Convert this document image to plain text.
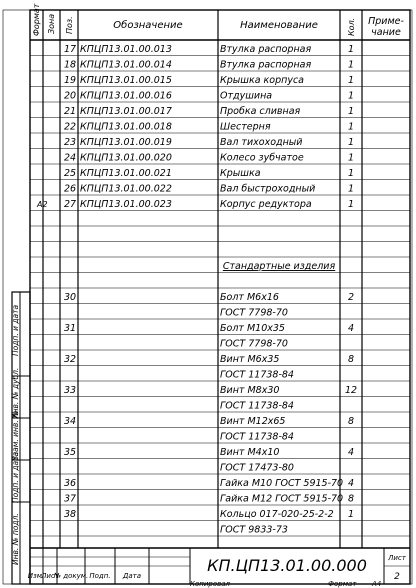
Формат Зона Поз.	Обозначение	Наименование	Кол. Приме-
чание
17 КПЦП13.01.00.013	Втулка распорная	1
18 КПЦП13.01.00.014	Втулка распорная	1
19 КПЦП13.01.00.015	Крышка корпуса	1
20 КПЦП13.01.00.016	Отдушина	1
21 КПЦП13.01.00.017	Пробка сливная	1
22 КПЦП13.01.00.018	Шестерня	1
23 КПЦП13.01.00.019	Вал тихоходный	1
24 КПЦП13.01.00.020	Колесо зубчатое	1
25 КПЦП13.01.00.021	Крышка	1
26 КПЦП13.01.00.022	Вал быстроходный	1
А2 27 КПЦП13.01.00.023	Корпус редуктора	1
Стандартные изделия
30	Болт М6х16	2
ГОСТ 7798-70
31	Болт М10х35	4
ГОСТ 7798-70
32	Винт М6х35	8
ГОСТ 11738-84
33	Винт М8х30	12
ГОСТ 11738-84
34	Винт М12х65	8
ГОСТ 11738-84
35	Винт М4х10	4
ГОСТ 17473-80
36	Гайка М10 ГОСТ 5915-70 4
37	Гайка М12 ГОСТ 5915-70 8
38	Кольцо 017-020-25-2-2 1
ГОСТ 9833-73
Подп. и дата
Инв. № дубл.
Взам. инв. №
Подп. и дата
Инв. № подл.
Изм.
Лист
№ докум. Подп. Дата
КП.ЦП13.01.00.000	Лист
2
Копировал	Формат А4
